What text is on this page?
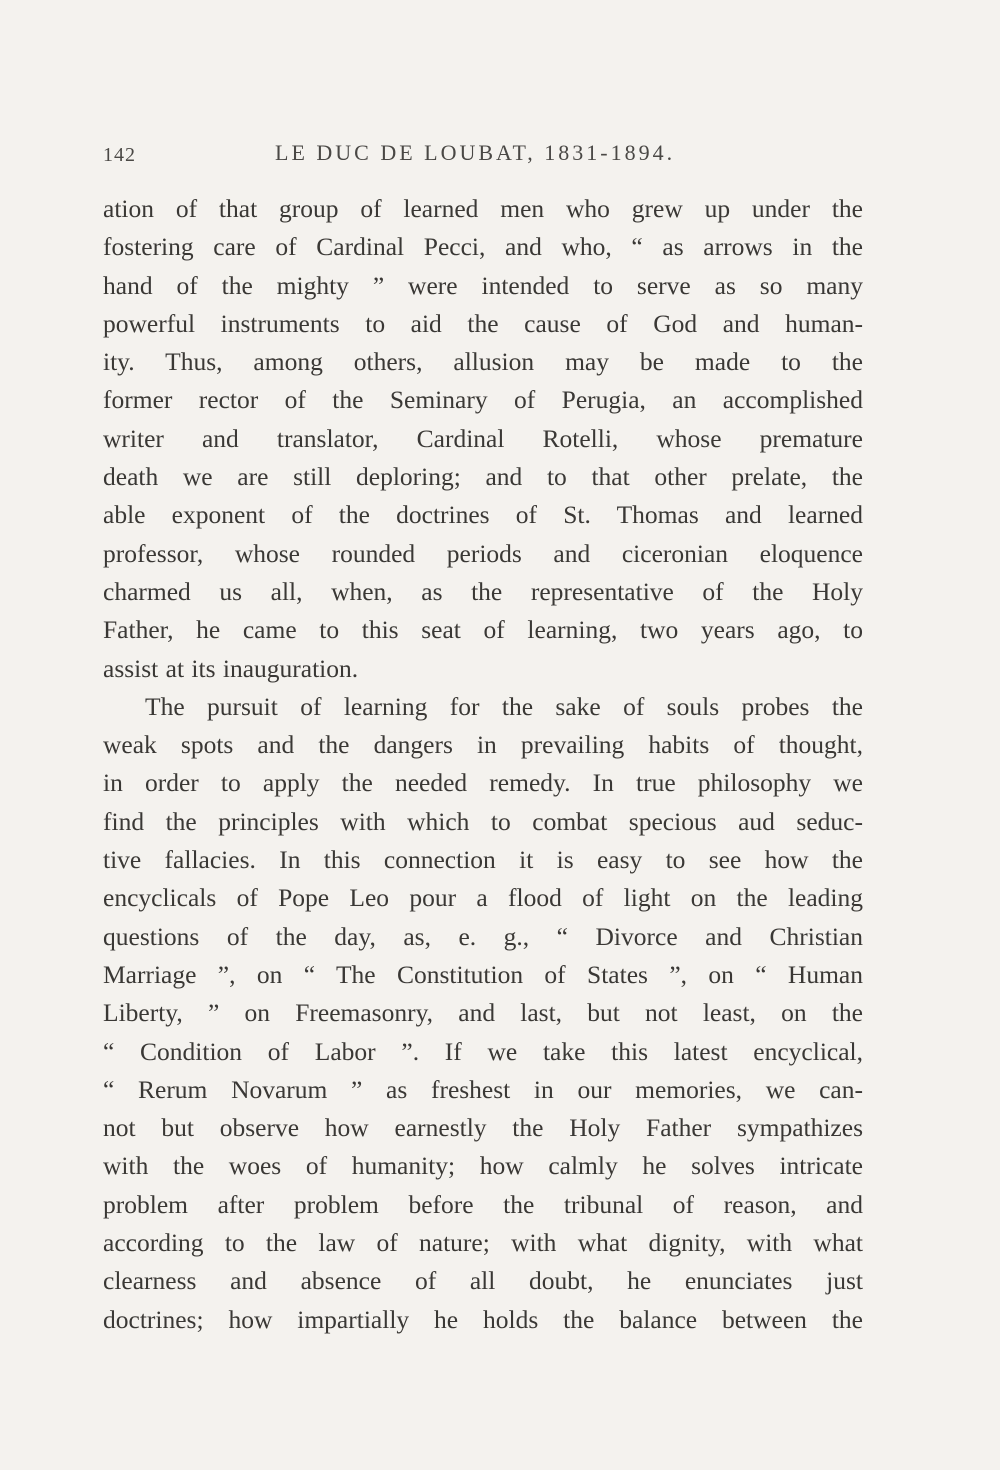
142	LE DUC DE LOUBAT, 1831-1894.
ation of that group of learned men who grew up under the
fostering care of Cardinal Pecci, and who, “ as arrows in the
hand of the mighty ” were intended to serve as so many
powerful instruments to aid the cause of God and human-
ity. Thus, among others, allusion may be made to the
former rector of the Seminary of Perugia, an accomplished
writer and translator, Cardinal Rotelli, whose premature
death we are still deploring; and to that other prelate, the
able exponent of the doctrines of St. Thomas and learned
professor, whose rounded periods and ciceronian eloquence
charmed us all, when, as the representative of the Holy
Father, he came to this seat of learning, two years ago, to
assist at its inauguration.
The pursuit of learning for the sake of souls probes the
weak spots and the dangers in prevailing habits of thought,
in order to apply the needed remedy. In true philosophy we
find the principles with which to combat specious aud seduc-
tive fallacies. In this connection it is easy to see how the
encyclicals of Pope Leo pour a flood of light on the leading
questions of the day, as, e. g., “ Divorce and Christian
Marriage ”, on “ The Constitution of States ”, on “ Human
Liberty, ” on Freemasonry, and last, but not least, on the
“ Condition of Labor ”. If we take this latest encyclical,
“ Rerum Novarum ” as freshest in our memories, we can-
not but observe how earnestly the Holy Father sympathizes
with the woes of humanity; how calmly he solves intricate
problem after problem before the tribunal of reason, and
according to the law of nature; with what dignity, with what
clearness and absence of all doubt, he enunciates just
doctrines; how impartially he holds the balance between the
